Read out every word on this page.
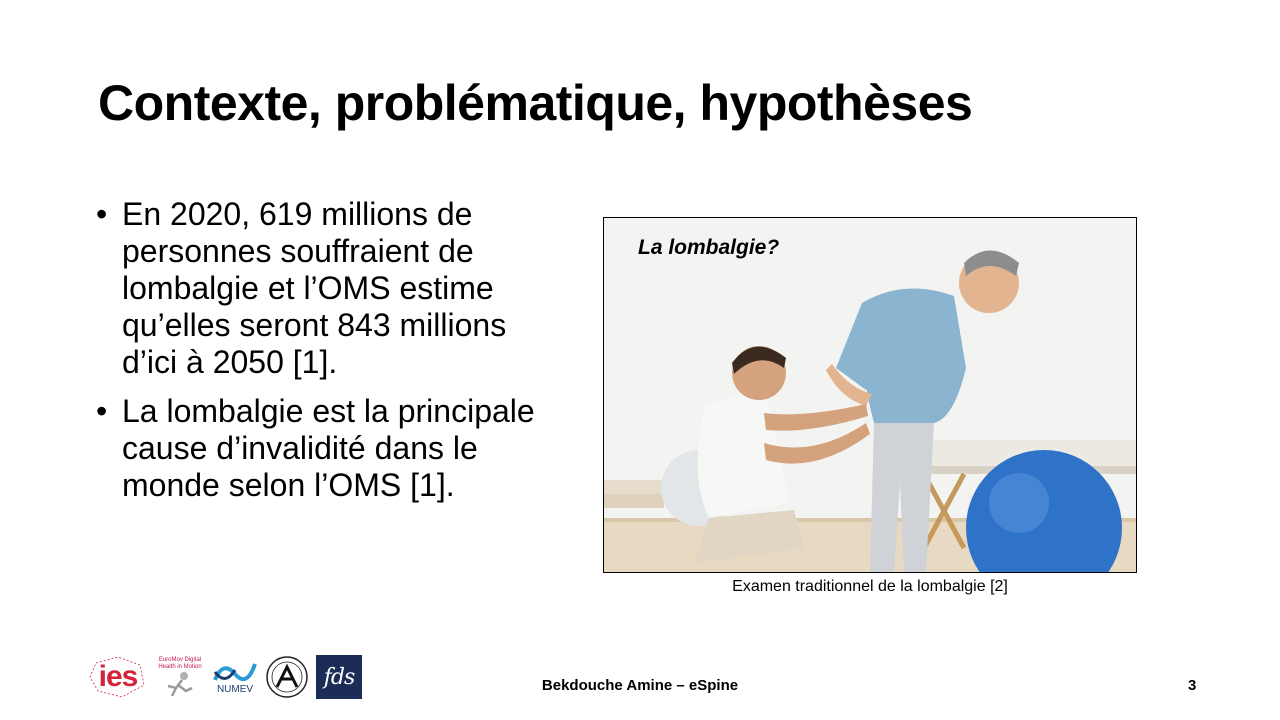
Contexte, problématique, hypothèses
• En 2020, 619 millions de personnes souffraient de lombalgie et l’OMS estime qu’elles seront 843 millions d’ici à 2050 [1].
• La lombalgie est la principale cause d’invalidité dans le monde selon l’OMS [1].
La lombalgie?
Examen traditionnel de la lombalgie [2]
ies	EuroMov Digital Health in Motion
NUMEV	fds	Bekdouche Amine – eSpine	3
